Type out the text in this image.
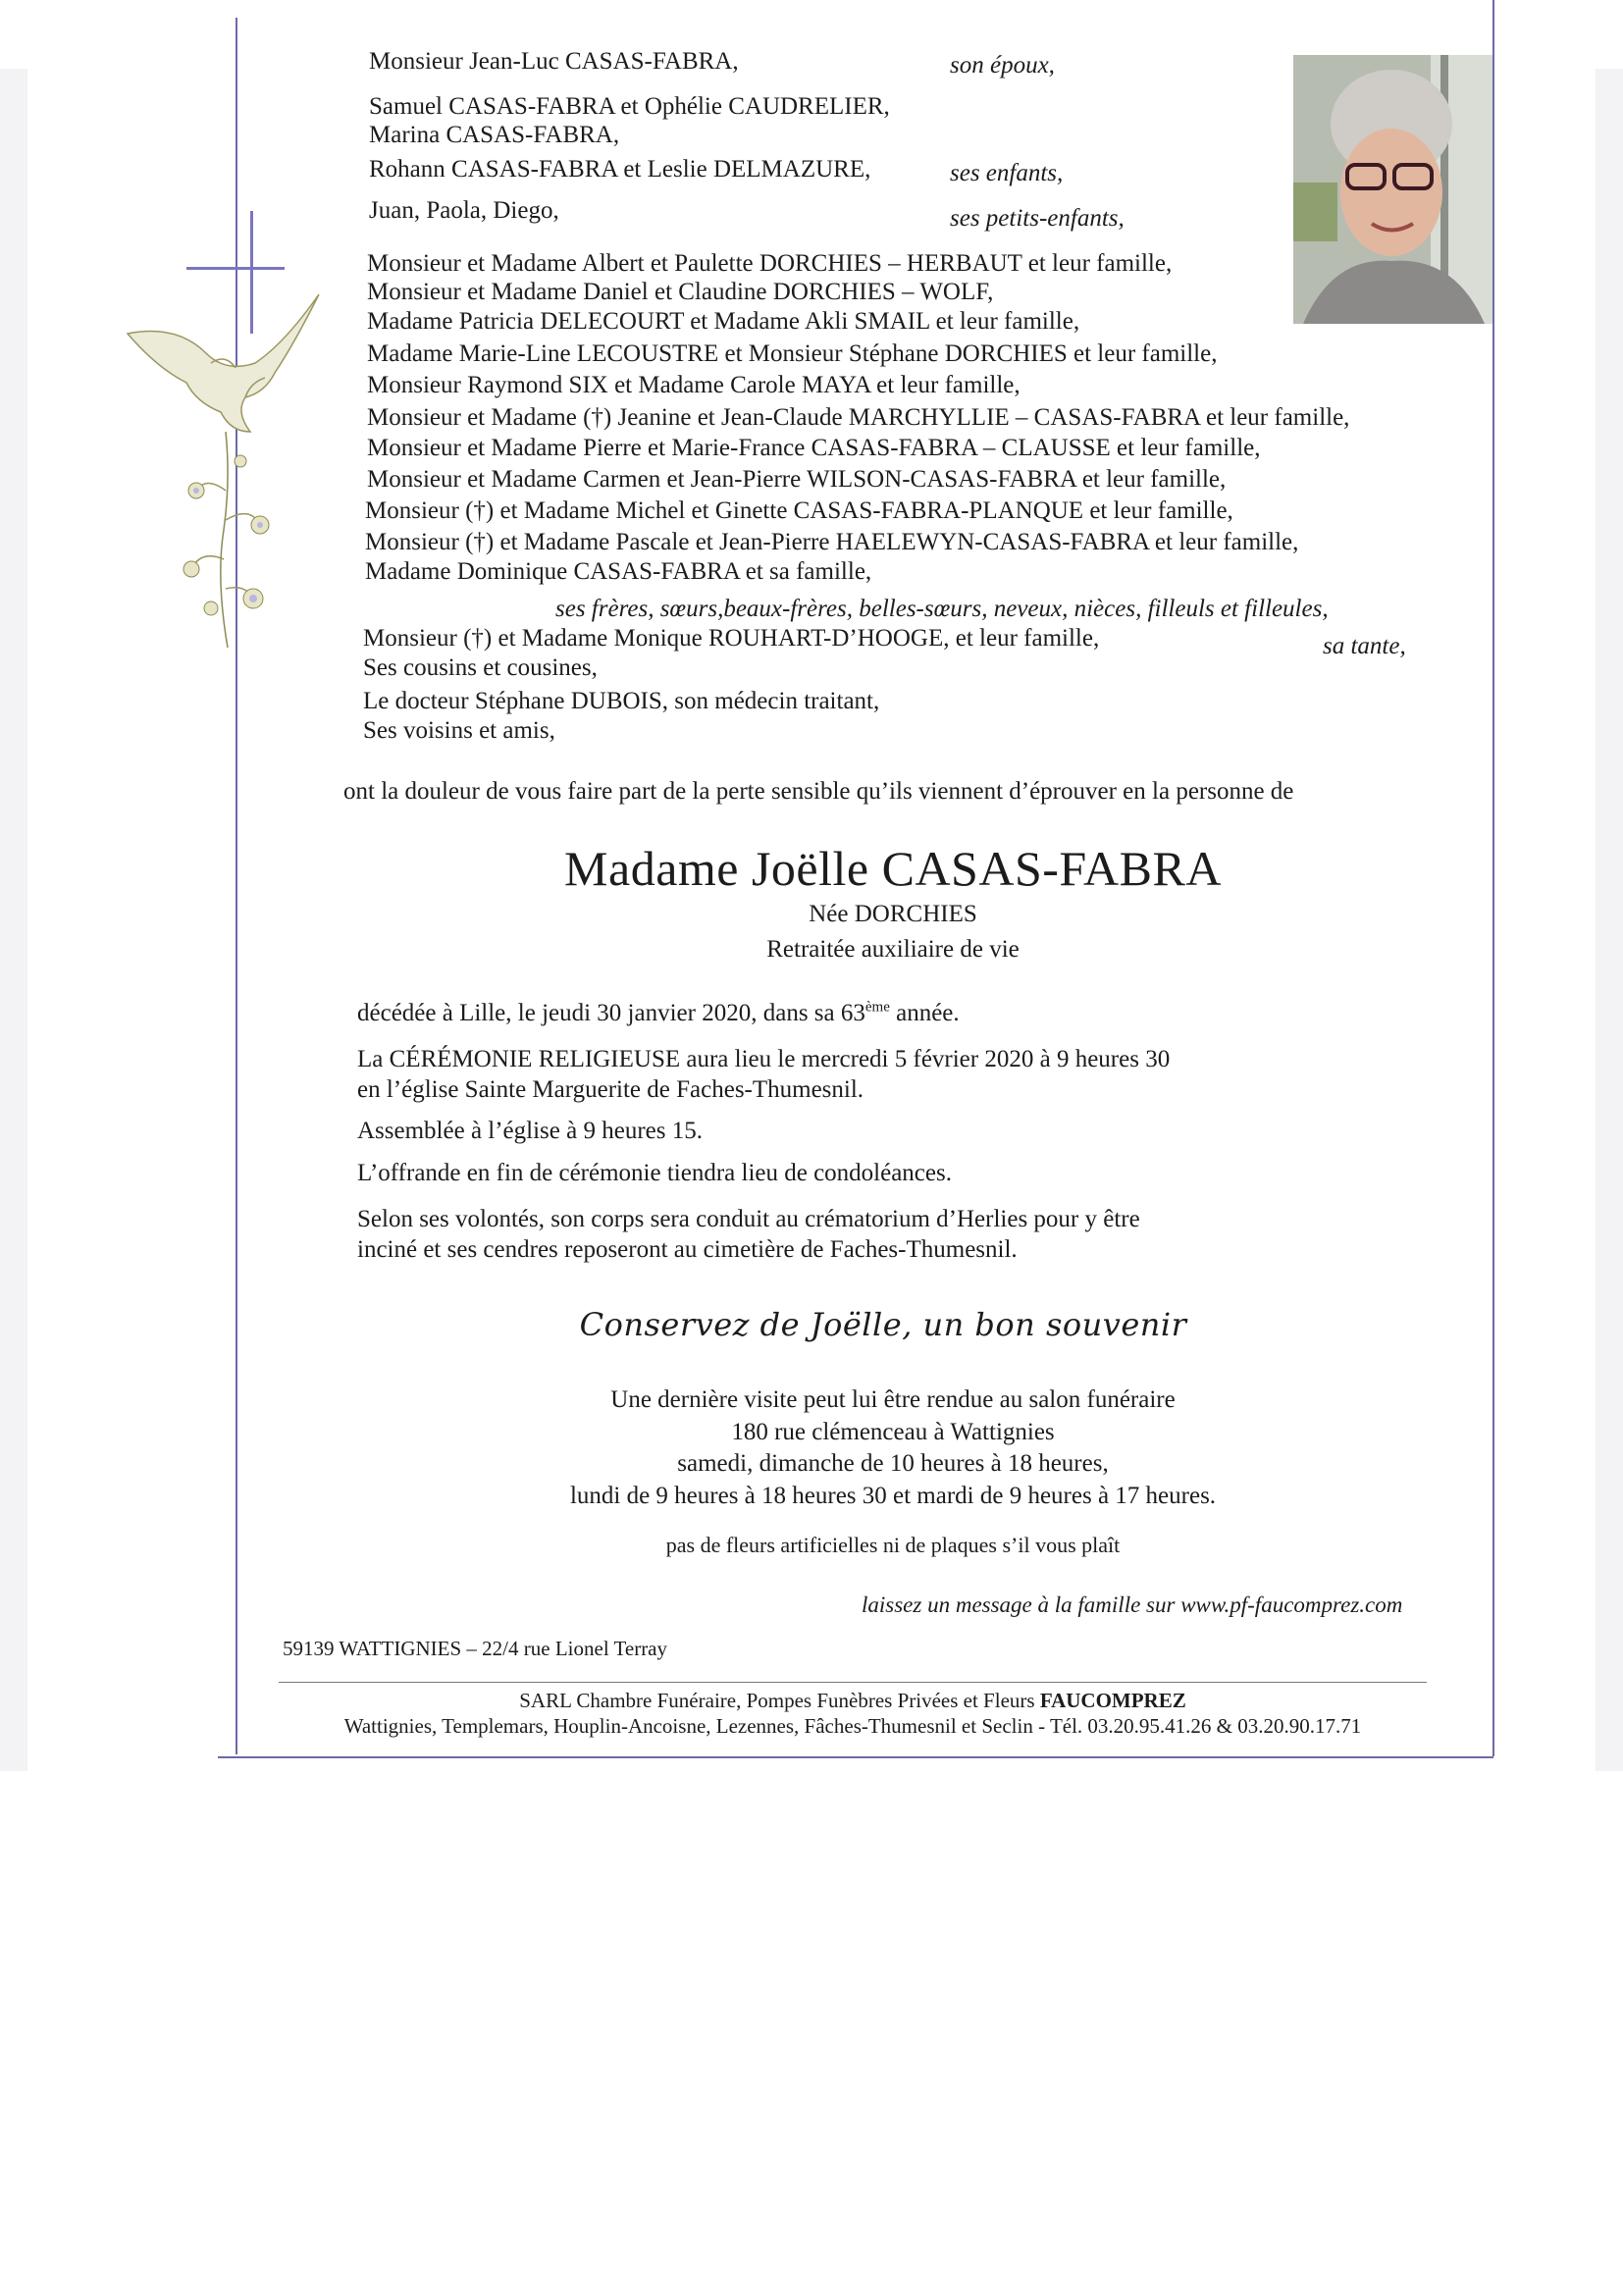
Monsieur Jean-Luc CASAS-FABRA,	son époux,
Samuel CASAS-FABRA et Ophélie CAUDRELIER,
Marina CASAS-FABRA,
Rohann CASAS-FABRA et Leslie DELMAZURE,	ses enfants,
Juan, Paola, Diego,	ses petits-enfants,
Monsieur et Madame Albert et Paulette DORCHIES – HERBAUT et leur famille,
Monsieur et Madame Daniel et Claudine DORCHIES – WOLF,
Madame Patricia DELECOURT et Madame Akli SMAIL et leur famille,
Madame Marie-Line LECOUSTRE et Monsieur Stéphane DORCHIES et leur famille,
Monsieur Raymond SIX et Madame Carole MAYA et leur famille,
Monsieur et Madame (†) Jeanine et Jean-Claude MARCHYLLIE – CASAS-FABRA et leur famille,
Monsieur et Madame Pierre et Marie-France CASAS-FABRA – CLAUSSE et leur famille,
Monsieur et Madame Carmen et Jean-Pierre WILSON-CASAS-FABRA et leur famille,
Monsieur (†) et Madame Michel et Ginette CASAS-FABRA-PLANQUE et leur famille,
Monsieur (†) et Madame Pascale et Jean-Pierre HAELEWYN-CASAS-FABRA et leur famille,
Madame Dominique CASAS-FABRA et sa famille,
ses frères, sœurs,beaux-frères, belles-sœurs, neveux, nièces, filleuls et filleules,
Monsieur (†) et Madame Monique ROUHART-D’HOOGE, et leur famille,	sa tante,
Ses cousins et cousines,
Le docteur Stéphane DUBOIS, son médecin traitant,
Ses voisins et amis,
ont la douleur de vous faire part de la perte sensible qu’ils viennent d’éprouver en la personne de
Madame Joëlle CASAS-FABRA
Née DORCHIES
Retraitée auxiliaire de vie
décédée à Lille, le jeudi 30 janvier 2020, dans sa 63ème année.
La CÉRÉMONIE RELIGIEUSE aura lieu le mercredi 5 février 2020 à 9 heures 30
en l’église Sainte Marguerite de Faches-Thumesnil.
Assemblée à l’église à 9 heures 15.
L’offrande en fin de cérémonie tiendra lieu de condoléances.
Selon ses volontés, son corps sera conduit au crématorium d’Herlies pour y être
inciné et ses cendres reposeront au cimetière de Faches-Thumesnil.
Conservez de Joëlle, un bon souvenir
Une dernière visite peut lui être rendue au salon funéraire
180 rue clémenceau à Wattignies
samedi, dimanche de 10 heures à 18 heures,
lundi de 9 heures à 18 heures 30 et mardi de 9 heures à 17 heures.
pas de fleurs artificielles ni de plaques s’il vous plaît
laissez un message à la famille sur www.pf-faucomprez.com
59139 WATTIGNIES – 22/4 rue Lionel Terray
SARL Chambre Funéraire, Pompes Funèbres Privées et Fleurs FAUCOMPREZ
Wattignies, Templemars, Houplin-Ancoisne, Lezennes, Fâches-Thumesnil et Seclin - Tél. 03.20.95.41.26 & 03.20.90.17.71
